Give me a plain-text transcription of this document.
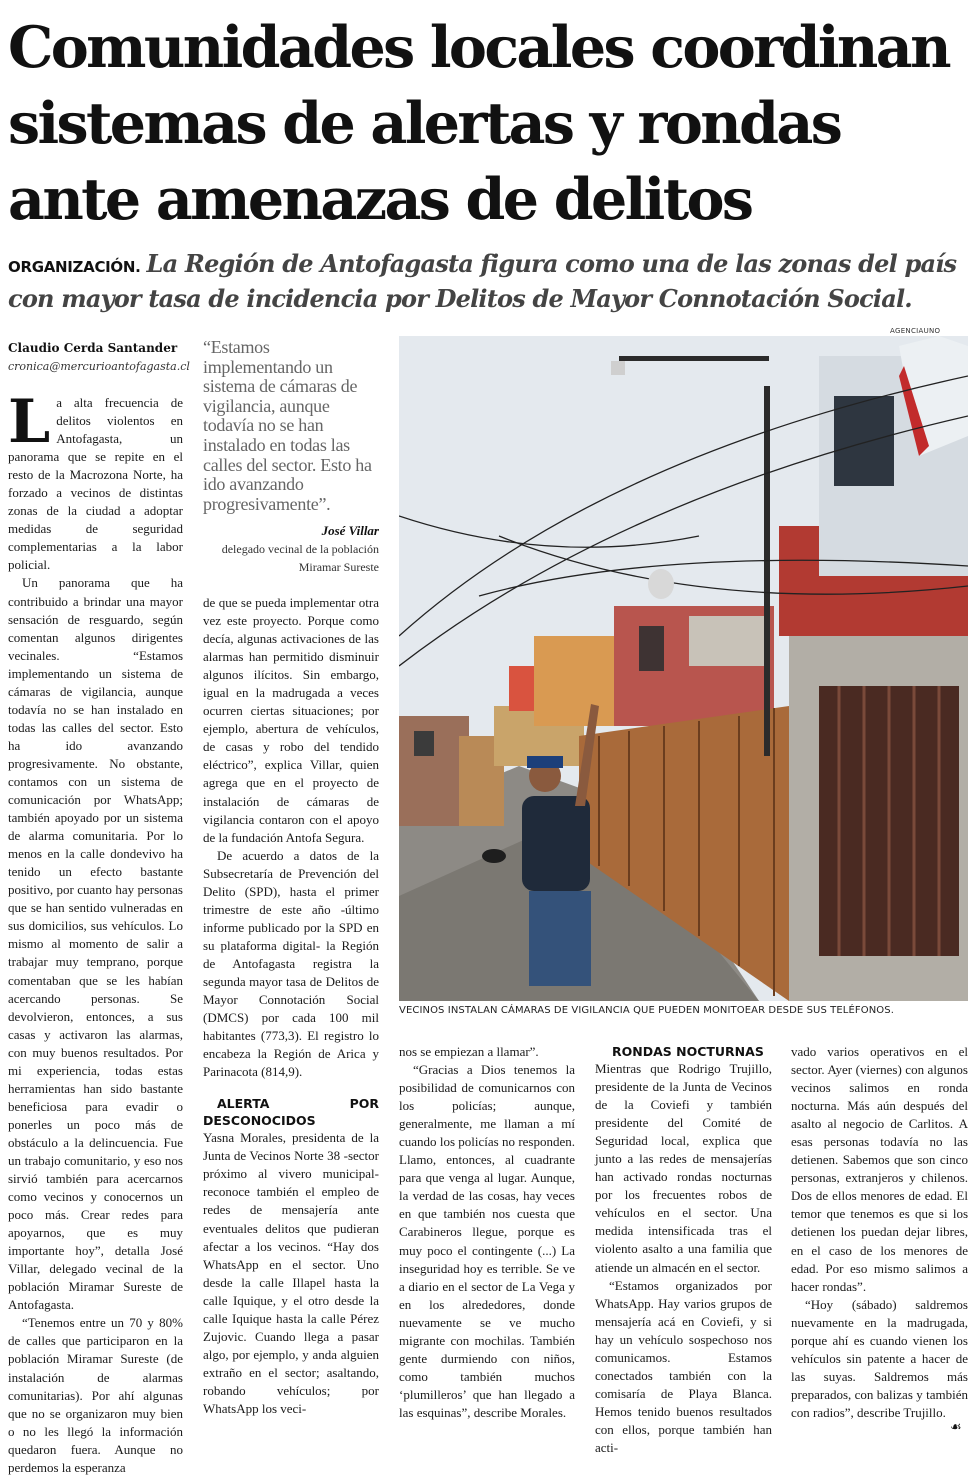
Comunidades locales coordinan sistemas de alertas y rondas ante amenazas de delitos

ORGANIZACIÓN. La Región de Antofagasta figura como una de las zonas del país con mayor tasa de incidencia por Delitos de Mayor Connotación Social.

Claudio Cerda Santander
cronica@mercurioantofagasta.cl

La alta frecuencia de delitos violentos en Antofagasta, un panorama que se repite en el resto de la Macrozona Norte, ha forzado a vecinos de distintas zonas de la ciudad a adoptar medidas de seguridad complementarias a la labor policial.

Un panorama que ha contribuido a brindar una mayor sensación de resguardo, según comentan algunos dirigentes vecinales. “Estamos implementando un sistema de cámaras de vigilancia, aunque todavía no se han instalado en todas las calles del sector. Esto ha ido avanzando progresivamente. No obstante, contamos con un sistema de comunicación por WhatsApp; también apoyado por un sistema de alarma comunitaria. Por lo menos en la calle dondevivo ha tenido un efecto bastante positivo, por cuanto hay personas que se han sentido vulneradas en sus domicilios, sus vehículos. Lo mismo al momento de salir a trabajar muy temprano, porque comentaban que se les habían acercando personas. Se devolvieron, entonces, a sus casas y activaron las alarmas, con muy buenos resultados. Por mi experiencia, todas estas herramientas han sido bastante beneficiosa para evadir o ponerles un poco más de obstáculo a la delincuencia. Fue un trabajo comunitario, y eso nos sirvió también para acercarnos como vecinos y conocernos un poco más. Crear redes para apoyarnos, que es muy importante hoy”, detalla José Villar, delegado vecinal de la población Miramar Sureste de Antofagasta.

“Tenemos entre un 70 y 80% de calles que participaron en la población Miramar Sureste (de instalación de alarmas comunitarias). Por ahí algunas que no se organizaron muy bien o no les llegó la información quedaron fuera. Aunque no perdemos la esperanza

“Estamos implementando un sistema de cámaras de vigilancia, aunque todavía no se han instalado en todas las calles del sector. Esto ha ido avanzando progresivamente”.
José Villar
delegado vecinal de la población Miramar Sureste

de que se pueda implementar otra vez este proyecto. Porque como decía, algunas activaciones de las alarmas han permitido disminuir algunos ilícitos. Sin embargo, igual en la madrugada a veces ocurren ciertas situaciones; por ejemplo, abertura de vehículos, de casas y robo del tendido eléctrico”, explica Villar, quien agrega que en el proyecto de instalación de cámaras de vigilancia contaron con el apoyo de la fundación Antofa Segura.

De acuerdo a datos de la Subsecretaría de Prevención del Delito (SPD), hasta el primer trimestre de este año -último informe publicado por la SPD en su plataforma digital- la Región de Antofagasta registra la segunda mayor tasa de Delitos de Mayor Connotación Social (DMCS) por cada 100 mil habitantes (773,3). El registro lo encabeza la Región de Arica y Parinacota (814,9).

ALERTA POR DESCONOCIDOS

Yasna Morales, presidenta de la Junta de Vecinos Norte 38 -sector próximo al vivero municipal- reconoce también el empleo de redes de mensajería ante eventuales delitos que pudieran afectar a los vecinos. “Hay dos WhatsApp en el sector. Uno desde la calle Illapel hasta la calle Iquique, y el otro desde la calle Iquique hasta la calle Pérez Zujovic. Cuando llega a pasar algo, por ejemplo, y anda alguien extraño en el sector; asaltando, robando vehículos; por WhatsApp los veci-

AGENCIAUNO
VECINOS INSTALAN CÁMARAS DE VIGILANCIA QUE PUEDEN MONITOEAR DESDE SUS TELÉFONOS.

nos se empiezan a llamar”.

“Gracias a Dios tenemos la posibilidad de comunicarnos con los policías; aunque, generalmente, me llaman a mí cuando los policías no responden. Llamo, entonces, al cuadrante para que venga al lugar. Aunque, la verdad de las cosas, hay veces en que también nos cuesta que Carabineros llegue, porque es muy poco el contingente (...) La inseguridad hoy es terrible. Se ve a diario en el sector de La Vega y en los alrededores, donde nuevamente se ve mucho migrante con mochilas. También gente durmiendo con niños, como también muchos ‘plumilleros’ que han llegado a las esquinas”, describe Morales.

RONDAS NOCTURNAS

Mientras que Rodrigo Trujillo, presidente de la Junta de Vecinos de la Coviefi y también presidente del Comité de Seguridad local, explica que junto a las redes de mensajerías han activado rondas nocturnas por los frecuentes robos de vehículos en el sector. Una medida intensificada tras el violento asalto a una familia que atiende un almacén en el sector.

“Estamos organizados por WhatsApp. Hay varios grupos de mensajería acá en Coviefi, y si hay un vehículo sospechoso nos comunicamos. Estamos conectados también con la comisaría de Playa Blanca. Hemos tenido buenos resultados con ellos, porque también han acti-

vado varios operativos en el sector. Ayer (viernes) con algunos vecinos salimos en ronda nocturna. Más aún después del asalto al negocio de Carlitos. A esas personas todavía no las detienen. Sabemos que son cinco personas, extranjeros y chilenos. Dos de ellos menores de edad. El temor que tenemos es que si los detienen los puedan dejar libres, en el caso de los menores de edad. Por eso mismo salimos a hacer rondas”.

“Hoy (sábado) saldremos nuevamente en la madrugada, porque ahí es cuando vienen los vehículos sin patente a hacer de las suyas. Saldremos más preparados, con balizas y también con radios”, describe Trujillo.

☙
